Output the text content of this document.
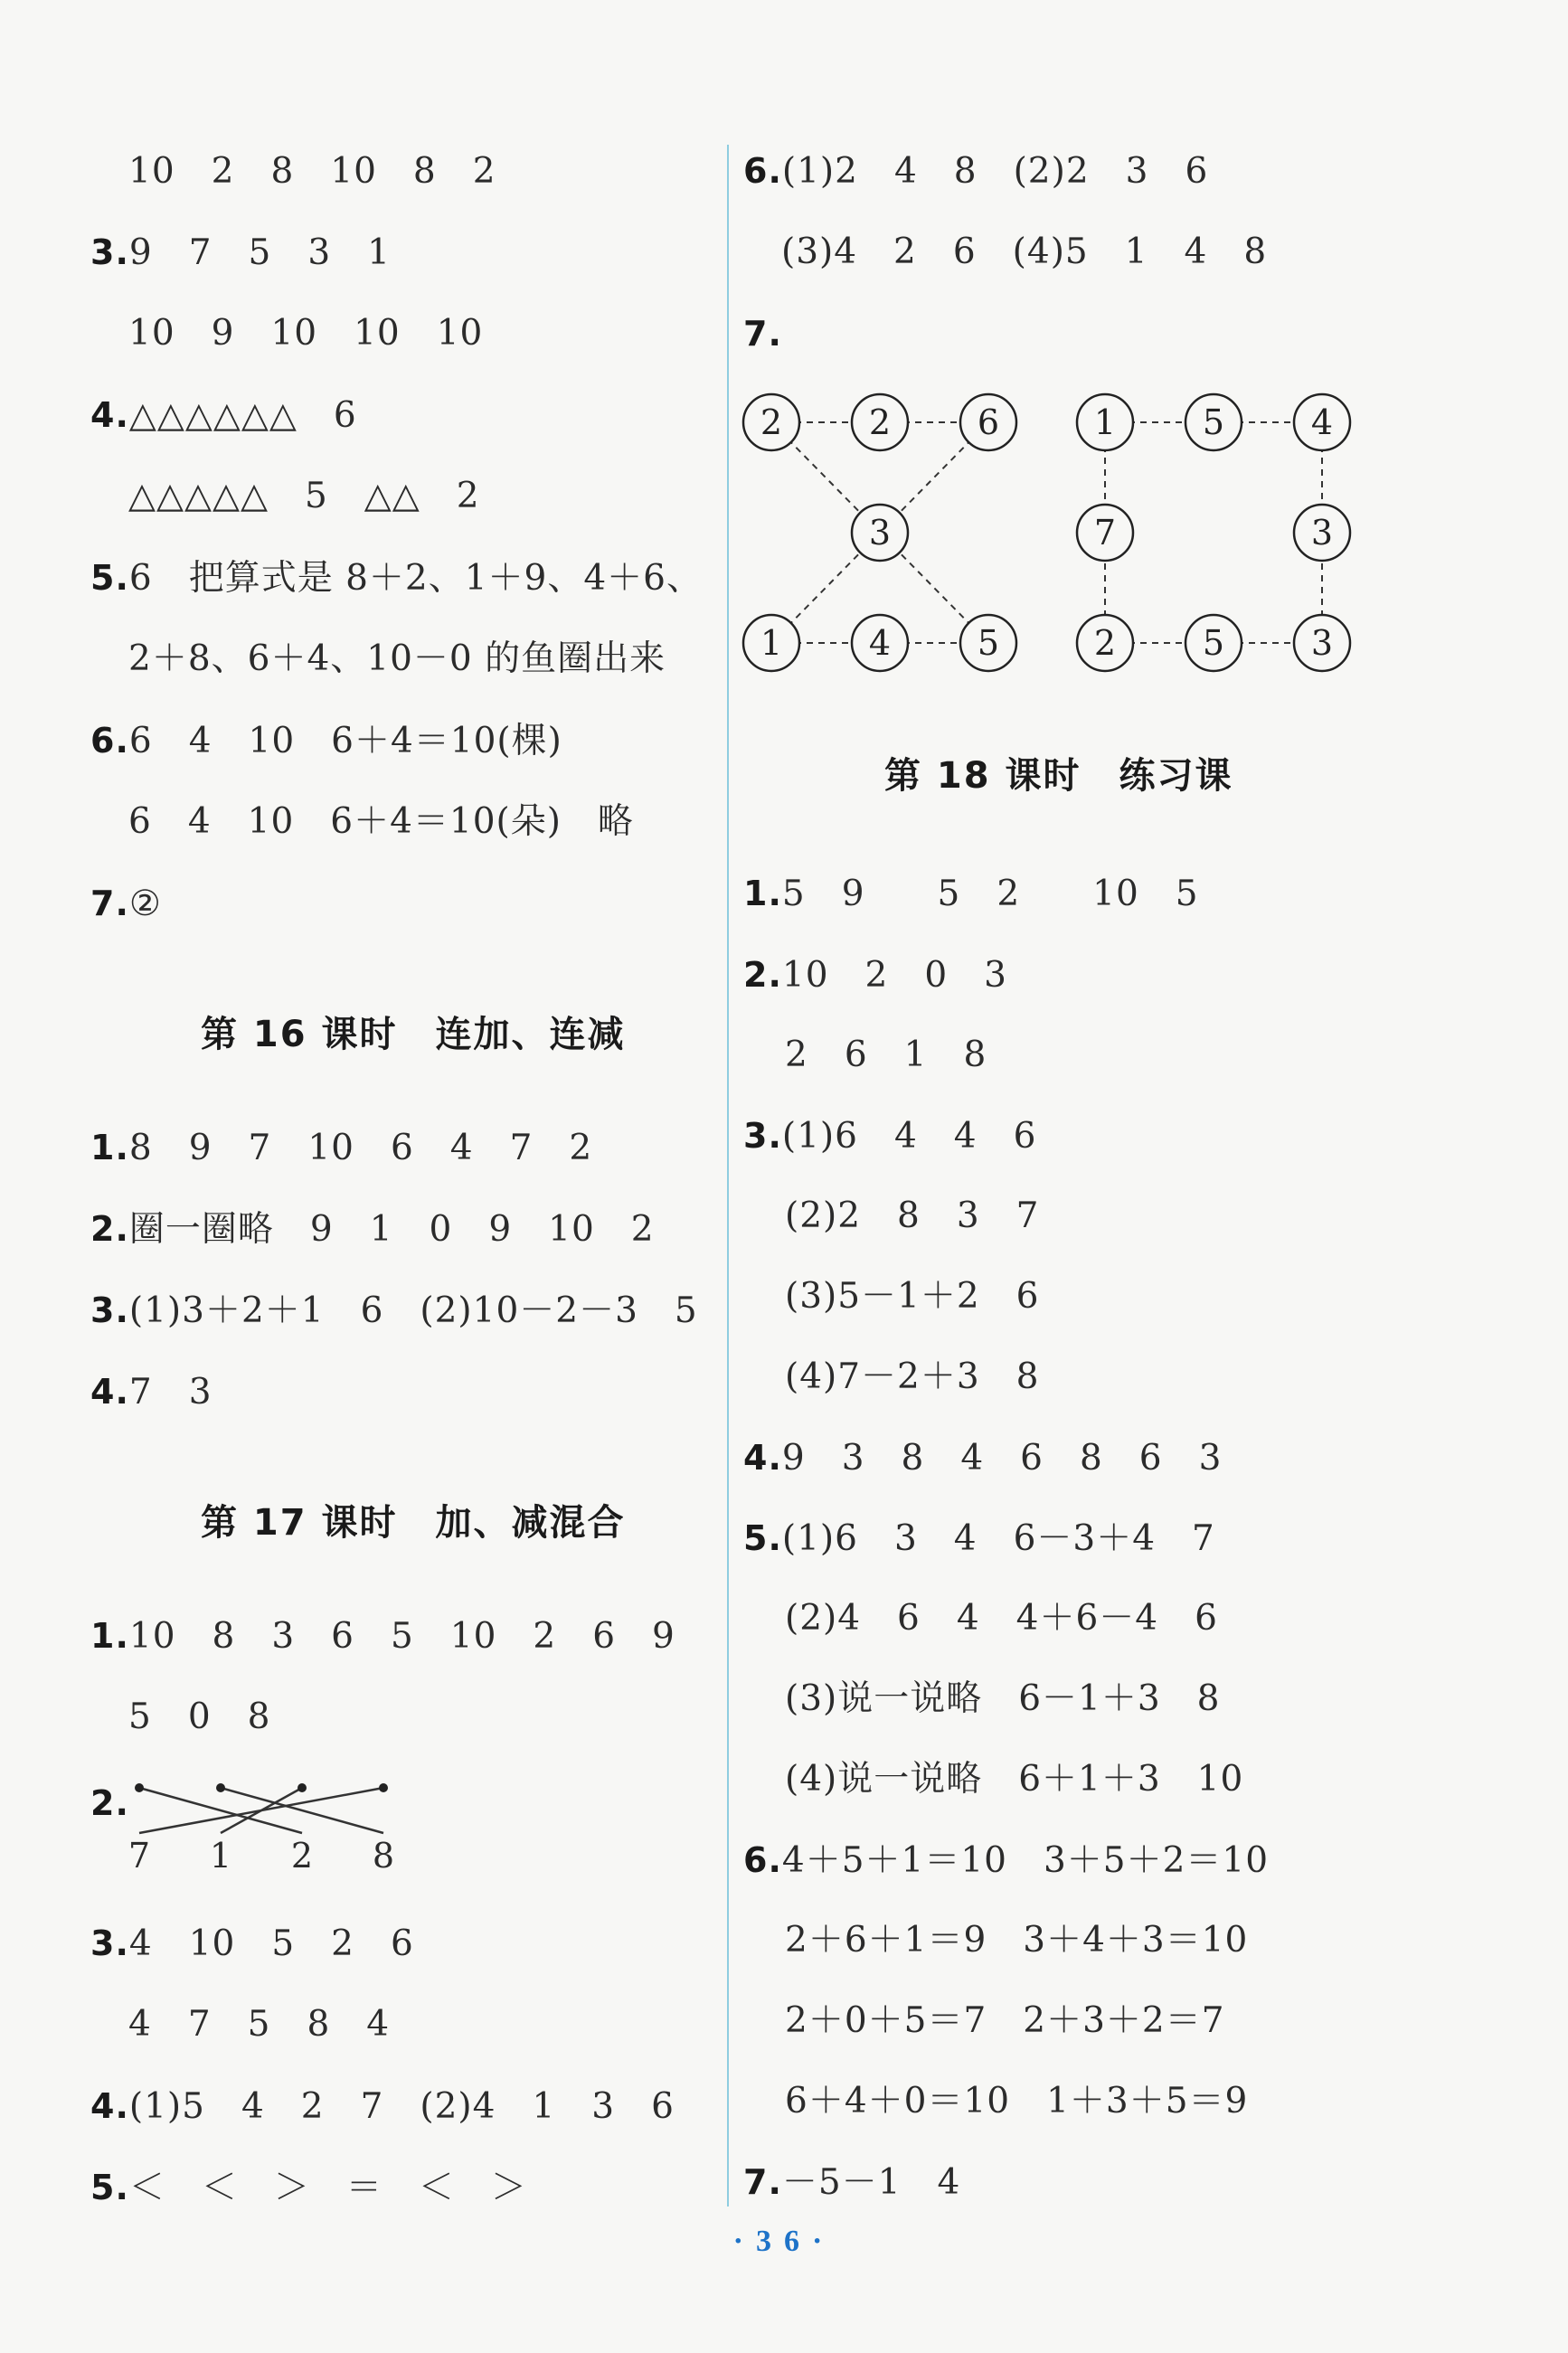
10　2　8　10　8　2
3.9　7　5　3　1
10　9　10　10　10
4.△△△△△△　6
△△△△△　5　△△　2
5.6　把算式是 8＋2、1＋9、4＋6、
2＋8、6＋4、10－0 的鱼圈出来
6.6　4　10　6＋4＝10(棵)
6　4　10　6＋4＝10(朵)　略
7.②
第 16 课时　连加、连减
1.8　9　7　10　6　4　7　2
2.圈一圈略　9　1　0　9　10　2
3.(1)3＋2＋1　6　(2)10－2－3　5
4.7　3
第 17 课时　加、减混合
1.10　8　3　6　5　10　2　6　9
5　0　8
2.
7 1 2 8
3.4　10　5　2　6
4　7　5　8　4
4.(1)5　4　2　7　(2)4　1　3　6
5.＜　＜　＞　＝　＜　＞
6.(1)2　4　8　(2)2　3　6
(3)4　2　6　(4)5　1　4　8
7.
2	2	6
3
1	4	5
1	5	4
7	3
2	5	3
第 18 课时　练习课
1.5　9　　5　2　　10　5
2.10　2　0　3
2　6　1　8
3.(1)6　4　4　6
(2)2　8　3　7
(3)5－1＋2　6
(4)7－2＋3　8
4.9　3　8　4　6　8　6　3
5.(1)6　3　4　6－3＋4　7
(2)4　6　4　4＋6－4　6
(3)说一说略　6－1＋3　8
(4)说一说略　6＋1＋3　10
6.4＋5＋1＝10　3＋5＋2＝10
2＋6＋1＝9　3＋4＋3＝10
2＋0＋5＝7　2＋3＋2＝7
6＋4＋0＝10　1＋3＋5＝9
7.－5－1　4
·36·
